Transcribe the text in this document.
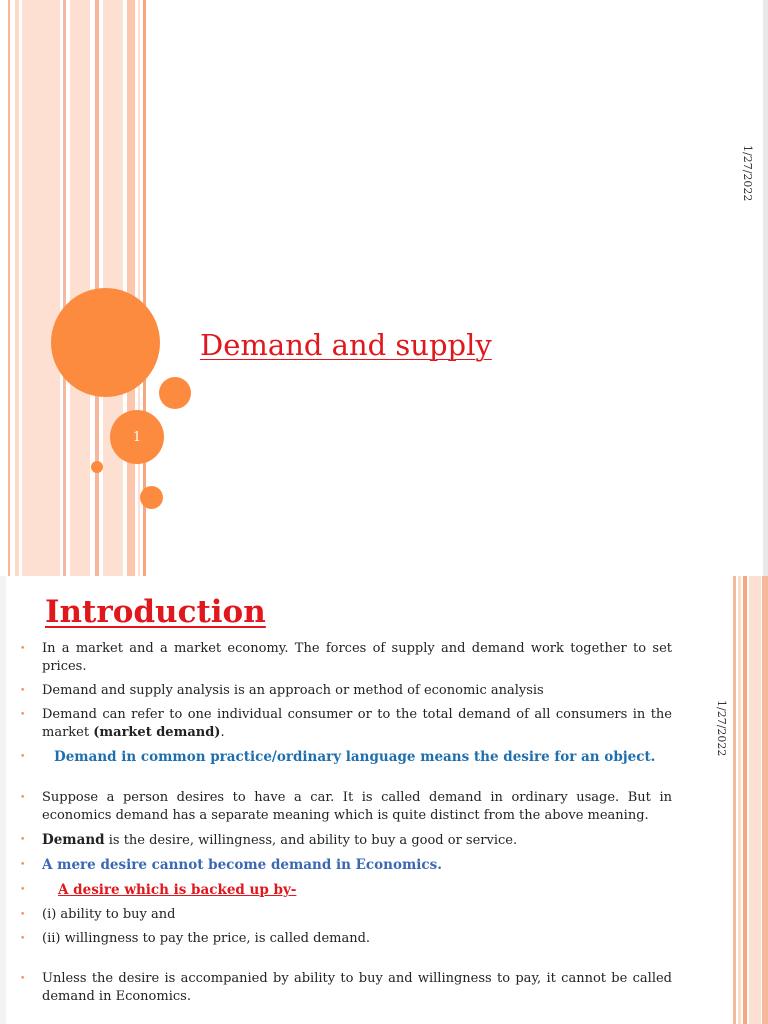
1
1/27/2022
Demand and supply
1/27/2022
Introduction
•	In a market and a market economy. The forces of supply and demand work together to set prices.
•	Demand and supply analysis is an approach or method of economic analysis
•	Demand can refer to one individual consumer or to the total demand of all consumers in the market (market demand).
•	Demand in common practice/ordinary language means the desire for an object.
•	Suppose a person desires to have a car. It is called demand in ordinary usage. But in economics demand has a separate meaning which is quite distinct from the above meaning.
•	Demand is the desire, willingness, and ability to buy a good or service.
•	A mere desire cannot become demand in Economics.
•	A desire which is backed up by-
•	(i) ability to buy and
•	(ii) willingness to pay the price, is called demand.
•	Unless the desire is accompanied by ability to buy and willingness to pay, it cannot be called demand in Economics.
